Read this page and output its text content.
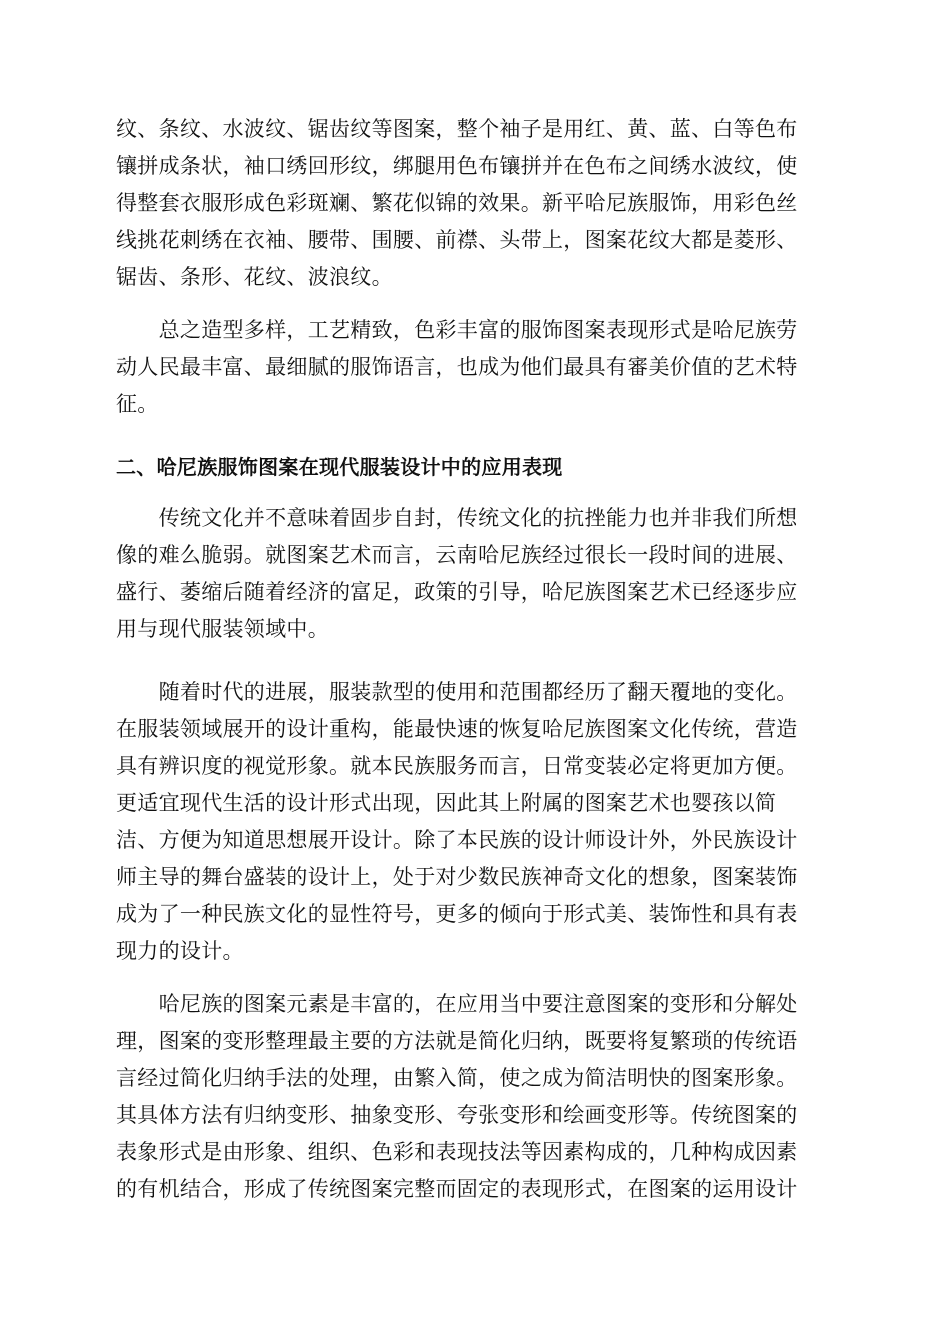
纹、条纹、水波纹、锯齿纹等图案，整个袖子是用红、黄、蓝、白等色布
镶拼成条状，袖口绣回形纹，绑腿用色布镶拼并在色布之间绣水波纹，使
得整套衣服形成色彩斑斓、繁花似锦的效果。新平哈尼族服饰，用彩色丝
线挑花刺绣在衣袖、腰带、围腰、前襟、头带上，图案花纹大都是菱形、
锯齿、条形、花纹、波浪纹。
　　总之造型多样，工艺精致，色彩丰富的服饰图案表现形式是哈尼族劳
动人民最丰富、最细腻的服饰语言，也成为他们最具有審美价值的艺术特
征。
二、哈尼族服饰图案在现代服装设计中的应用表现
　　传统文化并不意味着固步自封，传统文化的抗挫能力也并非我们所想
像的难么脆弱。就图案艺术而言，云南哈尼族经过很长一段时间的进展、
盛行、萎缩后随着经济的富足，政策的引导，哈尼族图案艺术已经逐步应
用与现代服装领域中。
　　随着时代的进展，服装款型的使用和范围都经历了翻天覆地的变化。
在服装领域展开的设计重构，能最快速的恢复哈尼族图案文化传统，营造
具有辨识度的视觉形象。就本民族服务而言，日常变装必定将更加方便。
更适宜现代生活的设计形式出现，因此其上附属的图案艺术也婴孩以简
洁、方便为知道思想展开设计。除了本民族的设计师设计外，外民族设计
师主导的舞台盛装的设计上，处于对少数民族神奇文化的想象，图案装饰
成为了一种民族文化的显性符号，更多的倾向于形式美、装饰性和具有表
现力的设计。
　　哈尼族的图案元素是丰富的，在应用当中要注意图案的变形和分解处
理，图案的变形整理最主要的方法就是简化归纳，既要将复繁琐的传统语
言经过简化归纳手法的处理，由繁入简，使之成为简洁明快的图案形象。
其具体方法有归纳变形、抽象变形、夸张变形和绘画变形等。传统图案的
表象形式是由形象、组织、色彩和表现技法等因素构成的，几种构成因素
的有机结合，形成了传统图案完整而固定的表现形式，在图案的运用设计
